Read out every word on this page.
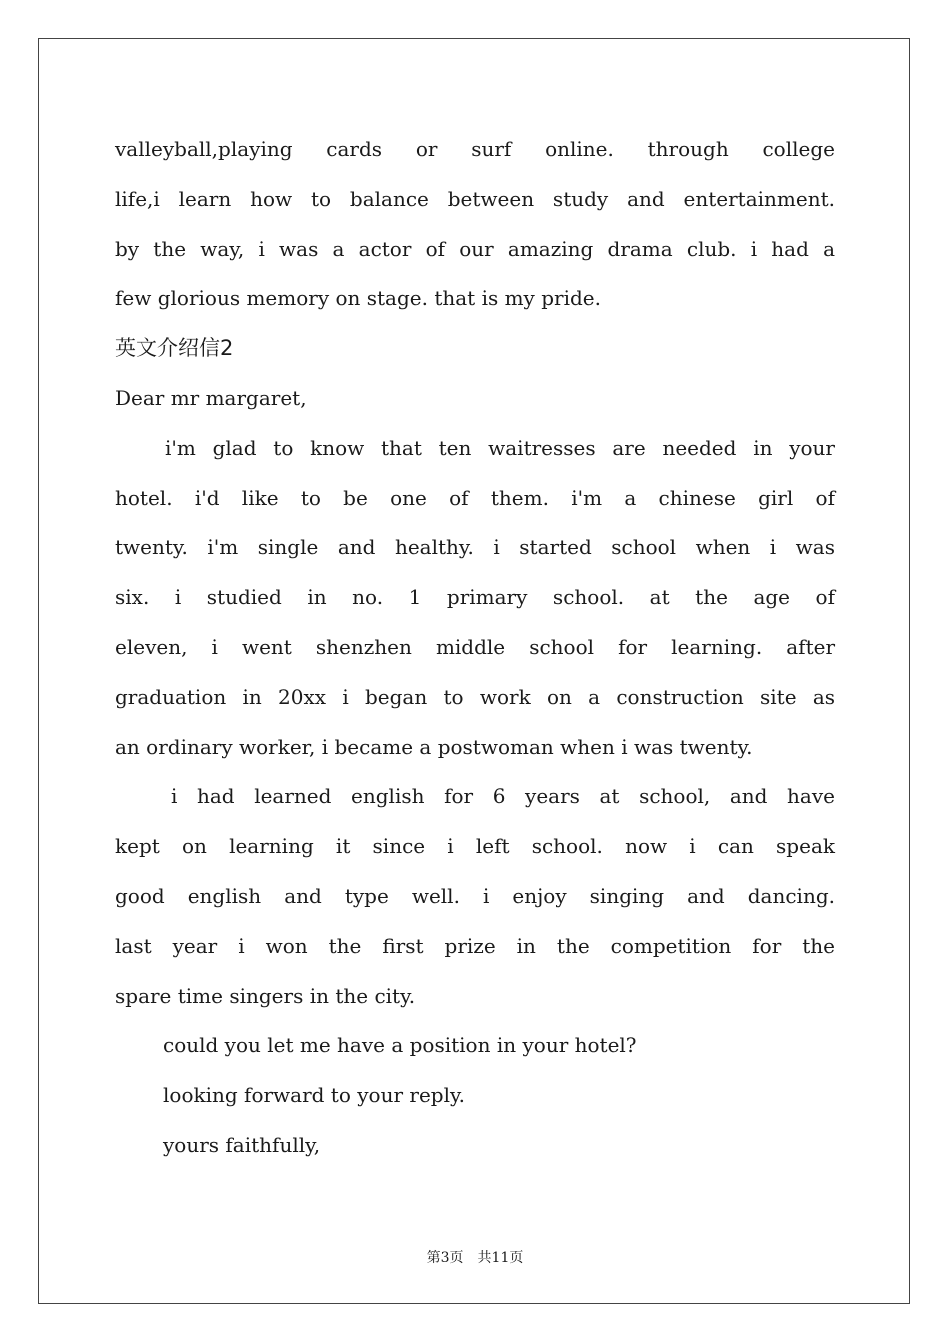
valleyball,playing cards or surf online. through college
life,i learn how to balance between study and entertainment.
by the way, i was a actor of our amazing drama club. i had a
few glorious memory on stage. that is my pride.
英文介绍信2
Dear mr margaret,
i'm glad to know that ten waitresses are needed in your
hotel. i'd like to be one of them. i'm a chinese girl of
twenty. i'm single and healthy. i started school when i was
six. i studied in no. 1 primary school. at the age of
eleven, i went shenzhen middle school for learning. after
graduation in 20xx i began to work on a construction site as
an ordinary worker, i became a postwoman when i was twenty.
i had learned english for 6 years at school, and have
kept on learning it since i left school. now i can speak
good english and type well. i enjoy singing and dancing.
last year i won the first prize in the competition for the
spare time singers in the city.
could you let me have a position in your hotel?
looking forward to your reply.
yours faithfully,
第3页 共11页
